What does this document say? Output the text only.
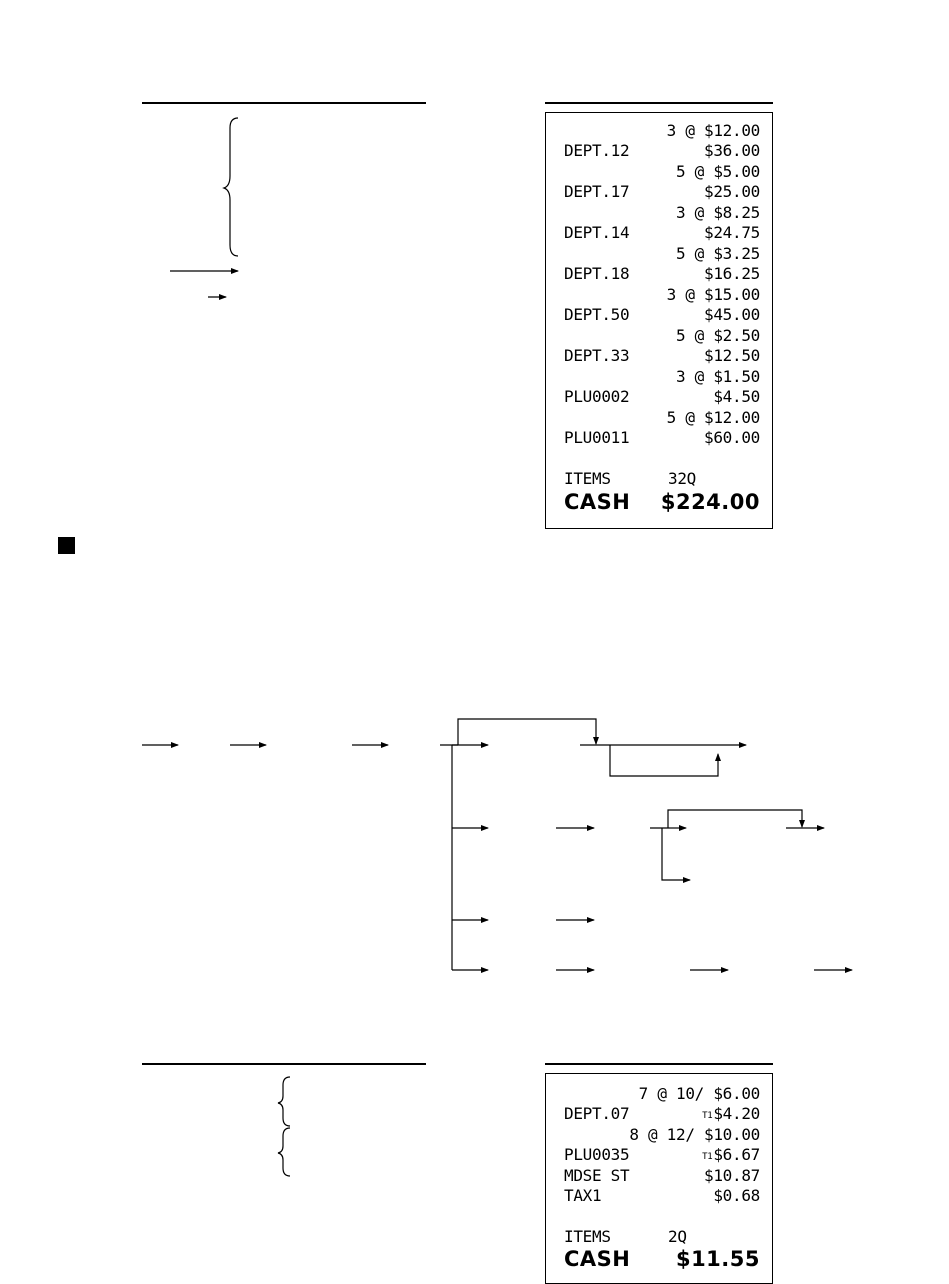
3 @ $12.00
DEPT.12	$36.00
5 @ $5.00
DEPT.17	$25.00
3 @ $8.25
DEPT.14	$24.75
5 @ $3.25
DEPT.18	$16.25
3 @ $15.00
DEPT.50	$45.00
5 @ $2.50
DEPT.33	$12.50
3 @ $1.50
PLU0002	$4.50
5 @ $12.00
PLU0011	$60.00
ITEMS	32Q
CASH $224.00
7 @ 10/ $6.00
DEPT.07	T1$4.20
8 @ 12/ $10.00
PLU0035	T1$6.67
MDSE ST	$10.87
TAX1	$0.68
ITEMS	2Q
CASH $11.55
